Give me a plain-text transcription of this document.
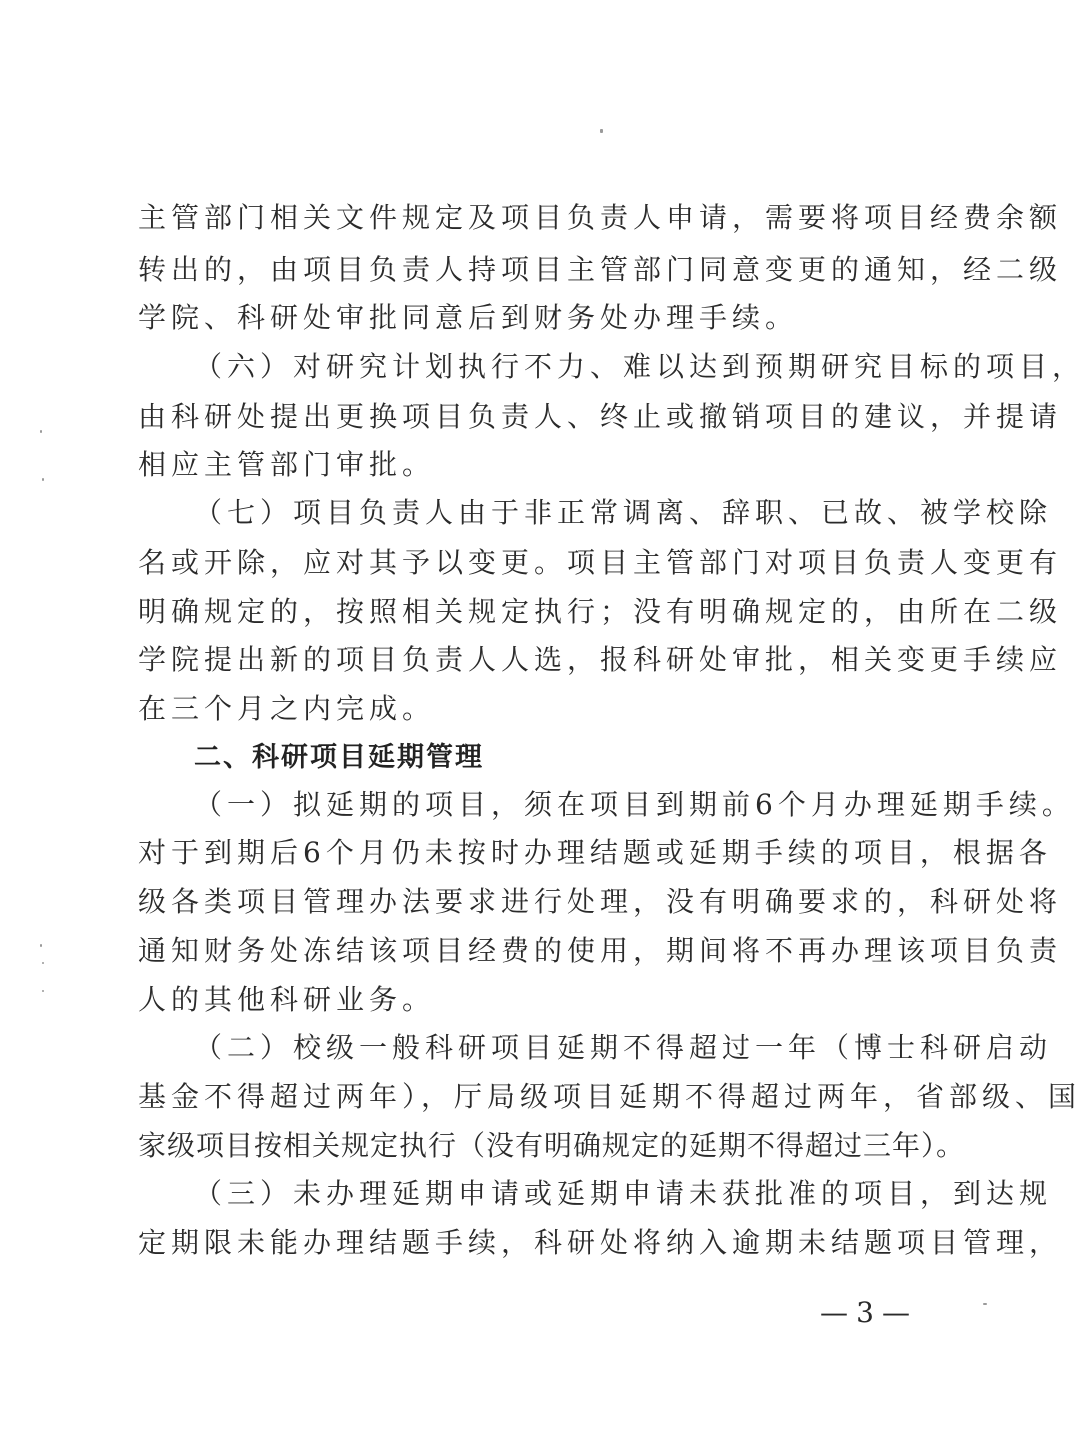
主管部门相关文件规定及项目负责人申请，需要将项目经费余额
转出的，由项目负责人持项目主管部门同意变更的通知，经二级
学院、科研处审批同意后到财务处办理手续。
（六）对研究计划执行不力、难以达到预期研究目标的项目，
由科研处提出更换项目负责人、终止或撤销项目的建议，并提请
相应主管部门审批。
（七）项目负责人由于非正常调离、辞职、已故、被学校除
名或开除，应对其予以变更。项目主管部门对项目负责人变更有
明确规定的，按照相关规定执行；没有明确规定的，由所在二级
学院提出新的项目负责人人选，报科研处审批，相关变更手续应
在三个月之内完成。
二、科研项目延期管理
（一）拟延期的项目，须在项目到期前6个月办理延期手续。
对于到期后6个月仍未按时办理结题或延期手续的项目，根据各
级各类项目管理办法要求进行处理，没有明确要求的，科研处将
通知财务处冻结该项目经费的使用，期间将不再办理该项目负责
人的其他科研业务。
（二）校级一般科研项目延期不得超过一年（博士科研启动
基金不得超过两年），厅局级项目延期不得超过两年，省部级、国
家级项目按相关规定执行（没有明确规定的延期不得超过三年）。
（三）未办理延期申请或延期申请未获批准的项目，到达规
定期限未能办理结题手续，科研处将纳入逾期未结题项目管理，
— 3 —
